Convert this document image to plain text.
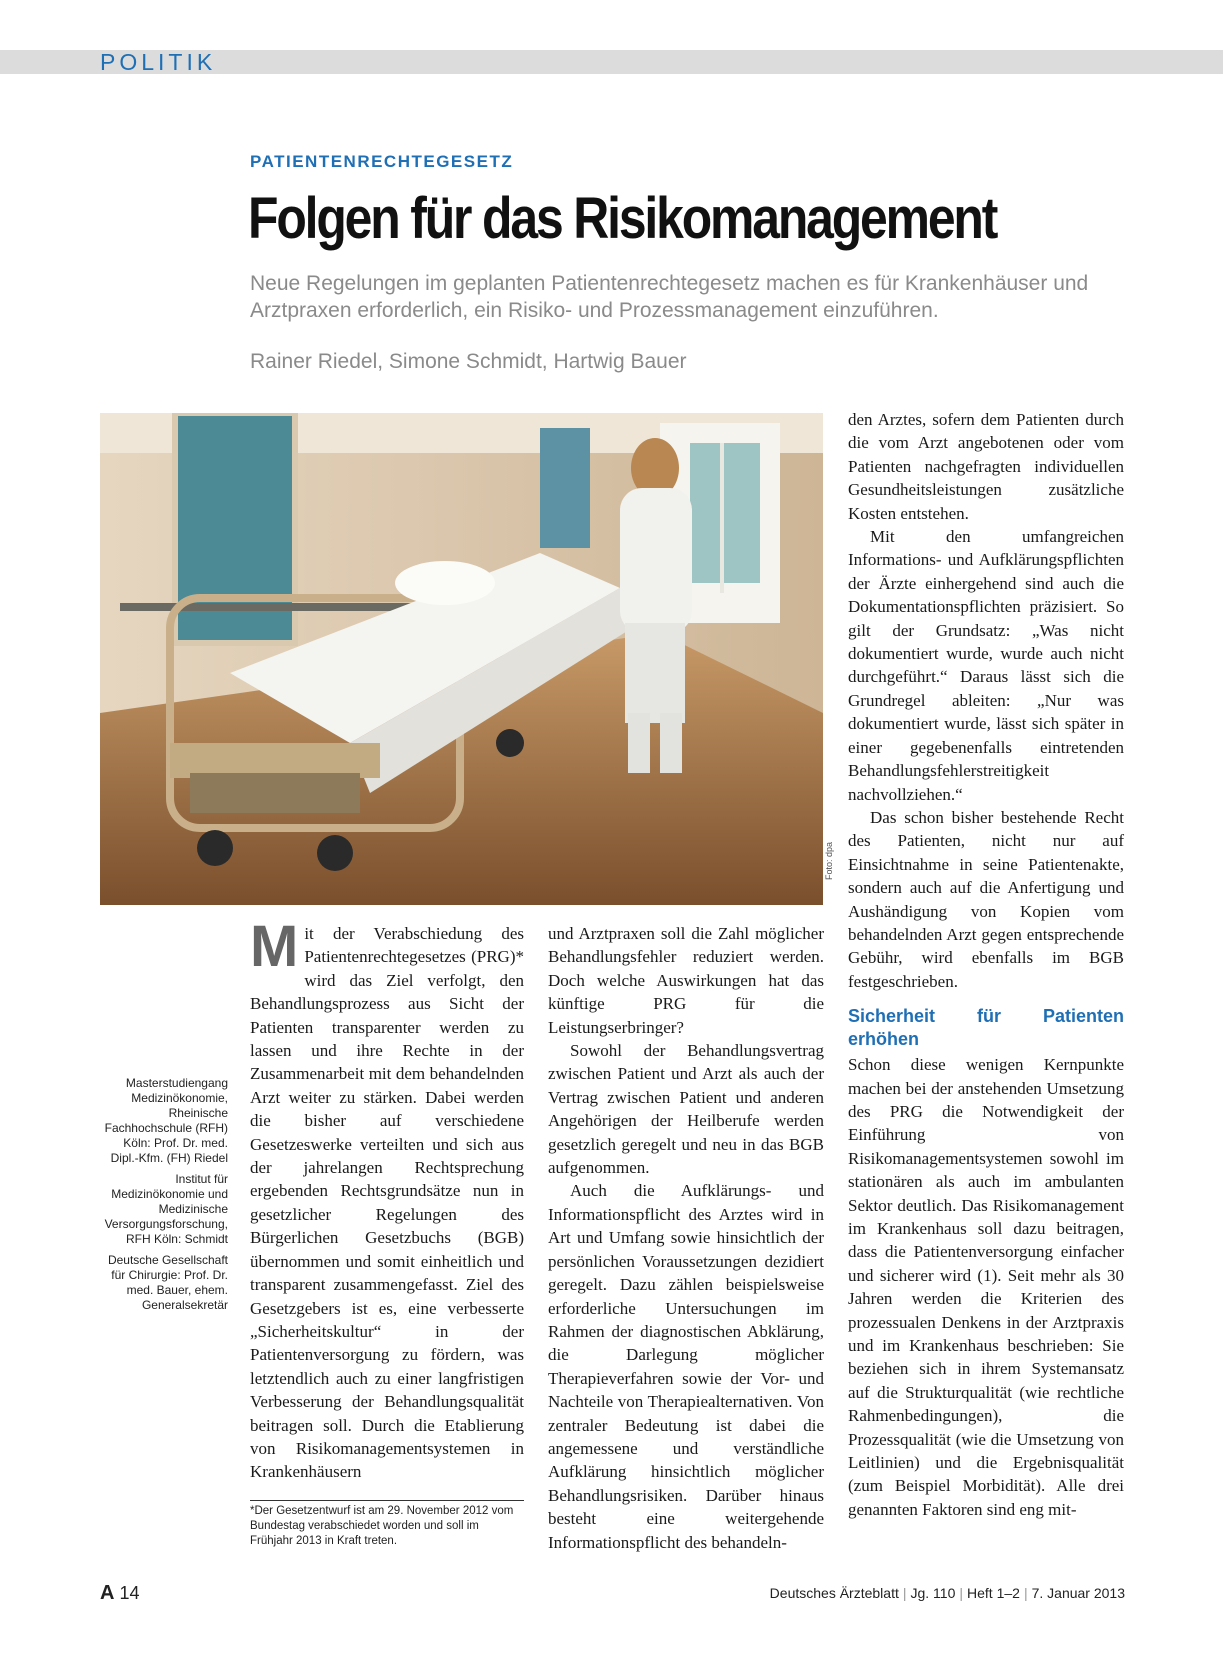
POLITIK

PATIENTENRECHTEGESETZ

Folgen für das Risikomanagement

Neue Regelungen im geplanten Patientenrechtegesetz machen es für Krankenhäuser und Arztpraxen erforderlich, ein Risiko- und Prozessmanagement einzuführen.

Rainer Riedel, Simone Schmidt, Hartwig Bauer

Foto: dpa

Masterstudiengang Medizinökonomie, Rheinische Fachhochschule (RFH) Köln: Prof. Dr. med. Dipl.-Kfm. (FH) Riedel

Institut für Medizinökonomie und Medizinische Versorgungsforschung, RFH Köln: Schmidt

Deutsche Gesellschaft für Chirurgie: Prof. Dr. med. Bauer, ehem. Generalsekretär

M it der Verabschiedung des Patientenrechtegesetzes (PRG)* wird das Ziel verfolgt, den Behandlungsprozess aus Sicht der Patienten transparenter werden zu lassen und ihre Rechte in der Zusammenarbeit mit dem behandelnden Arzt weiter zu stärken. Dabei werden die bisher auf verschiedene Gesetzeswerke verteilten und sich aus der jahrelangen Rechtsprechung ergebenden Rechtsgrundsätze nun in gesetzlicher Regelungen des Bürgerlichen Gesetzbuchs (BGB) übernommen und somit einheitlich und transparent zusammengefasst. Ziel des Gesetzgebers ist es, eine verbesserte „Sicherheitskultur“ in der Patientenversorgung zu fördern, was letztendlich auch zu einer langfristigen Verbesserung der Behandlungsqualität beitragen soll. Durch die Etablierung von Risikomanagementsystemen in Krankenhäusern

und Arztpraxen soll die Zahl möglicher Behandlungsfehler reduziert werden. Doch welche Auswirkungen hat das künftige PRG für die Leistungserbringer?

Sowohl der Behandlungsvertrag zwischen Patient und Arzt als auch der Vertrag zwischen Patient und anderen Angehörigen der Heilberufe werden gesetzlich geregelt und neu in das BGB aufgenommen.

Auch die Aufklärungs- und Informationspflicht des Arztes wird in Art und Umfang sowie hinsichtlich der persönlichen Voraussetzungen dezidiert geregelt. Dazu zählen beispielsweise erforderliche Untersuchungen im Rahmen der diagnostischen Abklärung, die Darlegung möglicher Therapieverfahren sowie der Vor- und Nachteile von Therapiealternativen. Von zentraler Bedeutung ist dabei die angemessene und verständliche Aufklärung hinsichtlich möglicher Behandlungsrisiken. Darüber hinaus besteht eine weitergehende Informationspflicht des behandeln-

den Arztes, sofern dem Patienten durch die vom Arzt angebotenen oder vom Patienten nachgefragten individuellen Gesundheitsleistungen zusätzliche Kosten entstehen.

Mit den umfangreichen Informations- und Aufklärungspflichten der Ärzte einhergehend sind auch die Dokumentationspflichten präzisiert. So gilt der Grundsatz: „Was nicht dokumentiert wurde, wurde auch nicht durchgeführt.“ Daraus lässt sich die Grundregel ableiten: „Nur was dokumentiert wurde, lässt sich später in einer gegebenenfalls eintretenden Behandlungsfehlerstreitigkeit nachvollziehen.“

Das schon bisher bestehende Recht des Patienten, nicht nur auf Einsichtnahme in seine Patientenakte, sondern auch auf die Anfertigung und Aushändigung von Kopien vom behandelnden Arzt gegen entsprechende Gebühr, wird ebenfalls im BGB festgeschrieben.

Sicherheit für Patienten erhöhen

Schon diese wenigen Kernpunkte machen bei der anstehenden Umsetzung des PRG die Notwendigkeit der Einführung von Risikomanagementsystemen sowohl im stationären als auch im ambulanten Sektor deutlich. Das Risikomanagement im Krankenhaus soll dazu beitragen, dass die Patientenversorgung einfacher und sicherer wird (1). Seit mehr als 30 Jahren werden die Kriterien des prozessualen Denkens in der Arztpraxis und im Krankenhaus beschrieben: Sie beziehen sich in ihrem Systemansatz auf die Strukturqualität (wie rechtliche Rahmenbedingungen), die Prozessqualität (wie die Umsetzung von Leitlinien) und die Ergebnisqualität (zum Beispiel Morbidität). Alle drei genannten Faktoren sind eng mit-

*Der Gesetzentwurf ist am 29. November 2012 vom Bundestag verabschiedet worden und soll im Frühjahr 2013 in Kraft treten.

A 14	Deutsches Ärzteblatt | Jg. 110 | Heft 1–2 | 7. Januar 2013
